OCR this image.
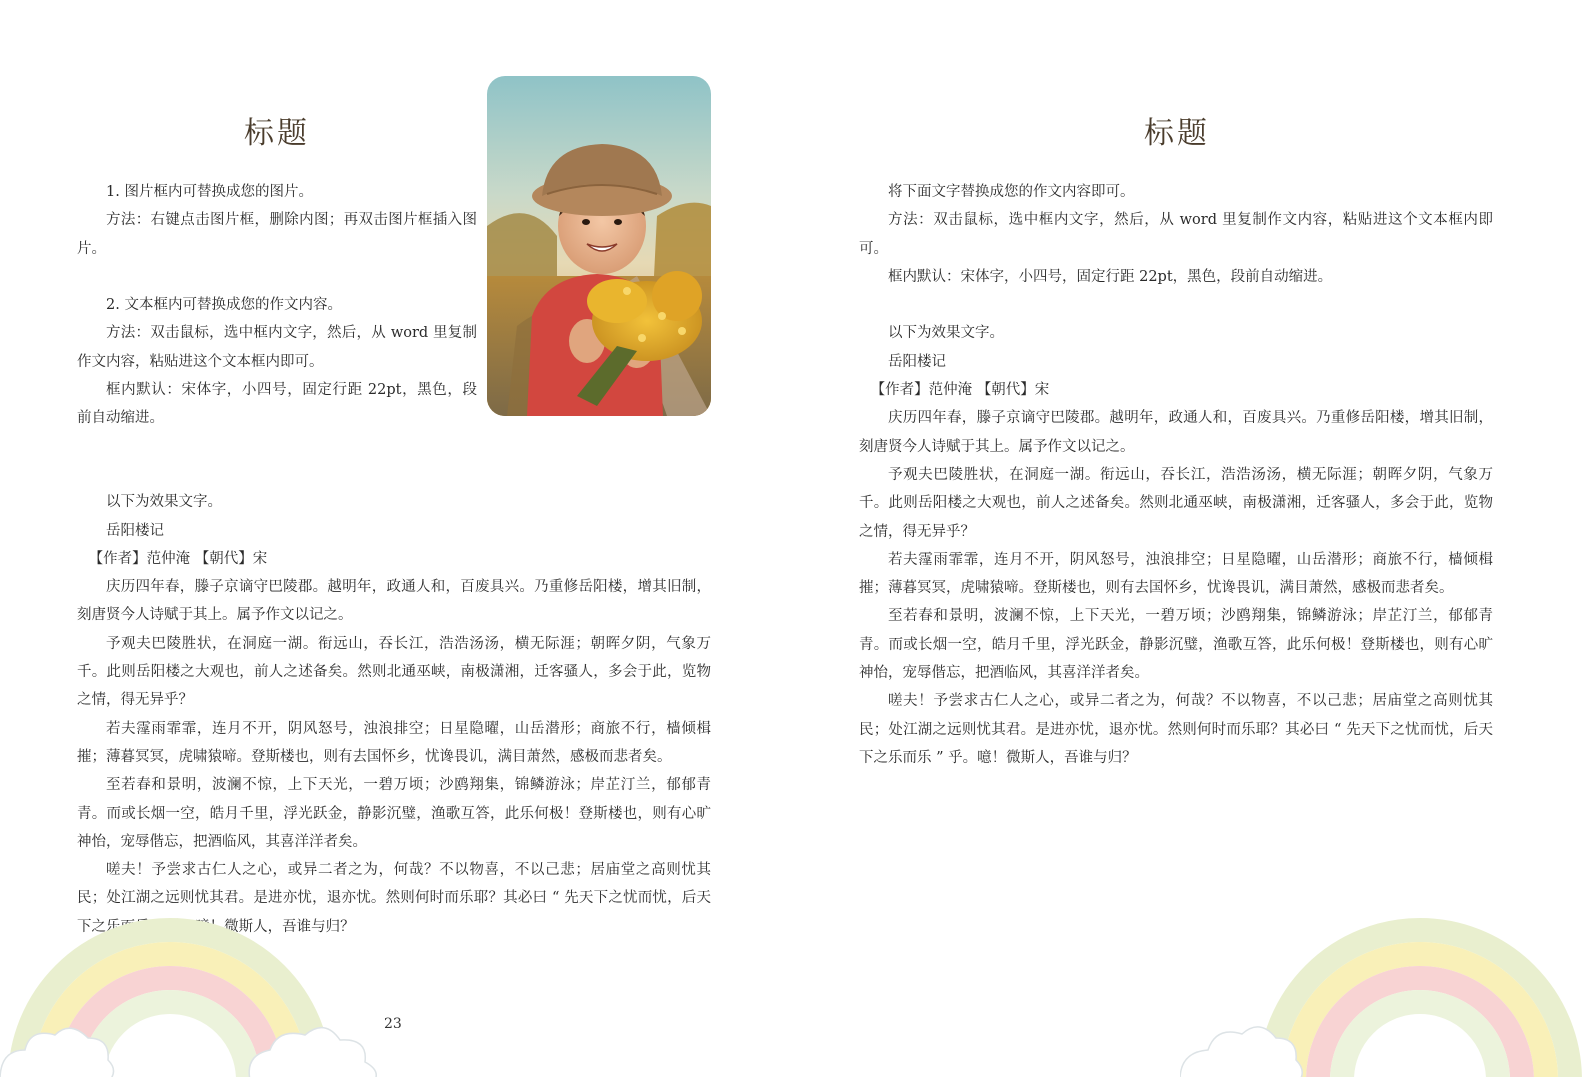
标题

1. 图片框内可替换成您的图片。

方法：右键点击图片框，删除内图；再双击图片框插入图片。

2. 文本框内可替换成您的作文内容。

方法：双击鼠标，选中框内文字，然后，从 word 里复制作文内容，粘贴进这个文本框内即可。

框内默认：宋体字，小四号，固定行距 22pt，黑色，段前自动缩进。

以下为效果文字。

岳阳楼记

【作者】范仲淹 【朝代】宋

庆历四年春，滕子京谪守巴陵郡。越明年，政通人和，百废具兴。乃重修岳阳楼，增其旧制，刻唐贤今人诗赋于其上。属予作文以记之。

予观夫巴陵胜状，在洞庭一湖。衔远山，吞长江，浩浩汤汤，横无际涯；朝晖夕阴，气象万千。此则岳阳楼之大观也，前人之述备矣。然则北通巫峡，南极潇湘，迁客骚人，多会于此，览物之情，得无异乎？

若夫霪雨霏霏，连月不开，阴风怒号，浊浪排空；日星隐曜，山岳潜形；商旅不行，樯倾楫摧；薄暮冥冥，虎啸猿啼。登斯楼也，则有去国怀乡，忧谗畏讥，满目萧然，感极而悲者矣。

至若春和景明，波澜不惊，上下天光，一碧万顷；沙鸥翔集，锦鳞游泳；岸芷汀兰，郁郁青青。而或长烟一空，皓月千里，浮光跃金，静影沉璧，渔歌互答，此乐何极！登斯楼也，则有心旷神怡，宠辱偕忘，把酒临风，其喜洋洋者矣。

嗟夫！予尝求古仁人之心，或异二者之为，何哉？不以物喜，不以己悲；居庙堂之高则忧其民；处江湖之远则忧其君。是进亦忧，退亦忧。然则何时而乐耶？其必曰 “ 先天下之忧而忧，后天下之乐而乐 ” 乎。噫！微斯人，吾谁与归？

23
标题

将下面文字替换成您的作文内容即可。

方法：双击鼠标，选中框内文字，然后，从 word 里复制作文内容，粘贴进这个文本框内即可。

框内默认：宋体字，小四号，固定行距 22pt，黑色，段前自动缩进。

以下为效果文字。

岳阳楼记

【作者】范仲淹 【朝代】宋

庆历四年春，滕子京谪守巴陵郡。越明年，政通人和，百废具兴。乃重修岳阳楼，增其旧制，刻唐贤今人诗赋于其上。属予作文以记之。

予观夫巴陵胜状，在洞庭一湖。衔远山，吞长江，浩浩汤汤，横无际涯；朝晖夕阴，气象万千。此则岳阳楼之大观也，前人之述备矣。然则北通巫峡，南极潇湘，迁客骚人，多会于此，览物之情，得无异乎？

若夫霪雨霏霏，连月不开，阴风怒号，浊浪排空；日星隐曜，山岳潜形；商旅不行，樯倾楫摧；薄暮冥冥，虎啸猿啼。登斯楼也，则有去国怀乡，忧谗畏讥，满目萧然，感极而悲者矣。

至若春和景明，波澜不惊，上下天光，一碧万顷；沙鸥翔集，锦鳞游泳；岸芷汀兰，郁郁青青。而或长烟一空，皓月千里，浮光跃金，静影沉璧，渔歌互答，此乐何极！登斯楼也，则有心旷神怡，宠辱偕忘，把酒临风，其喜洋洋者矣。

嗟夫！予尝求古仁人之心，或异二者之为，何哉？不以物喜，不以己悲；居庙堂之高则忧其民；处江湖之远则忧其君。是进亦忧，退亦忧。然则何时而乐耶？其必曰 “ 先天下之忧而忧，后天下之乐而乐 ” 乎。噫！微斯人，吾谁与归？
